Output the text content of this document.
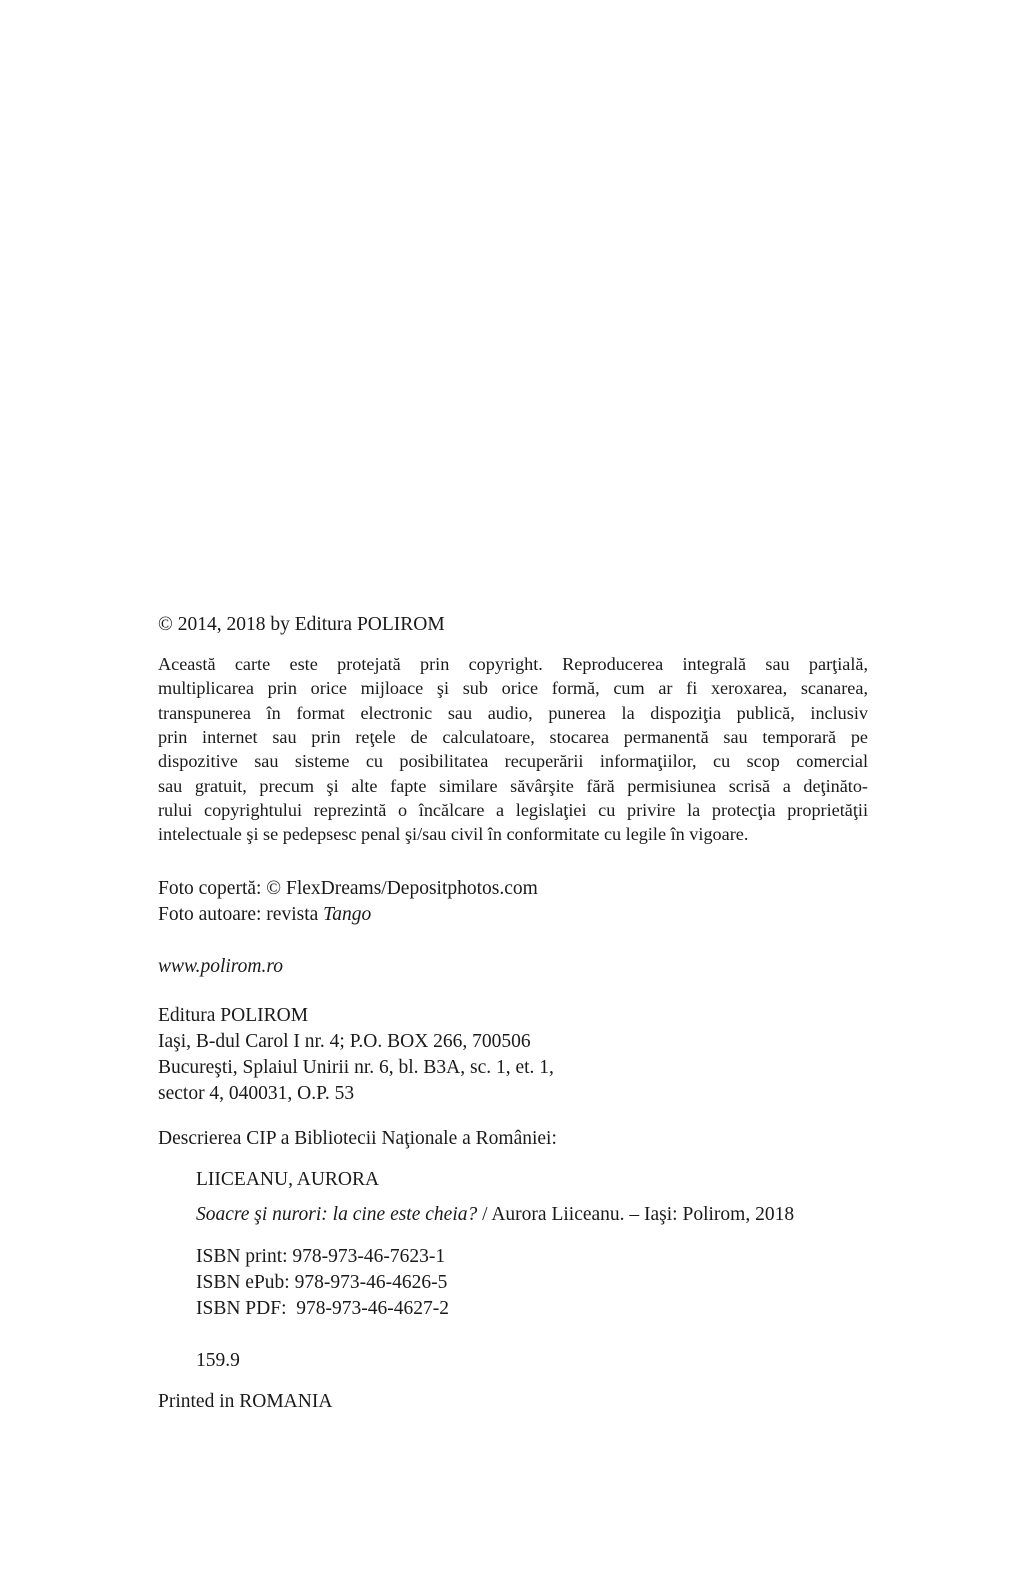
© 2014, 2018 by Editura POLIROM
Această carte este protejată prin copyright. Reproducerea integrală sau parţială,
multiplicarea prin orice mijloace şi sub orice formă, cum ar fi xeroxarea, scanarea,
transpunerea în format electronic sau audio, punerea la dispoziţia publică, inclusiv
prin internet sau prin reţele de calculatoare, stocarea permanentă sau temporară pe
dispozitive sau sisteme cu posibilitatea recuperării informaţiilor, cu scop comercial
sau gratuit, precum şi alte fapte similare săvârşite fără permisiunea scrisă a deţinăto-
rului copyrightului reprezintă o încălcare a legislaţiei cu privire la protecţia proprietăţii
intelectuale şi se pedepsesc penal şi/sau civil în conformitate cu legile în vigoare.
Foto copertă: © FlexDreams/Depositphotos.com
Foto autoare: revista Tango
www.polirom.ro
Editura POLIROM
Iaşi, B-dul Carol I nr. 4; P.O. BOX 266, 700506
Bucureşti, Splaiul Unirii nr. 6, bl. B3A, sc. 1, et. 1,
sector 4, 040031, O.P. 53
Descrierea CIP a Bibliotecii Naţionale a României:
LIICEANU, AURORA
Soacre şi nurori: la cine este cheia? / Aurora Liiceanu. – Iaşi: Polirom, 2018
ISBN print: 978-973-46-7623-1
ISBN ePub: 978-973-46-4626-5
ISBN PDF:  978-973-46-4627-2
159.9
Printed in ROMANIA
